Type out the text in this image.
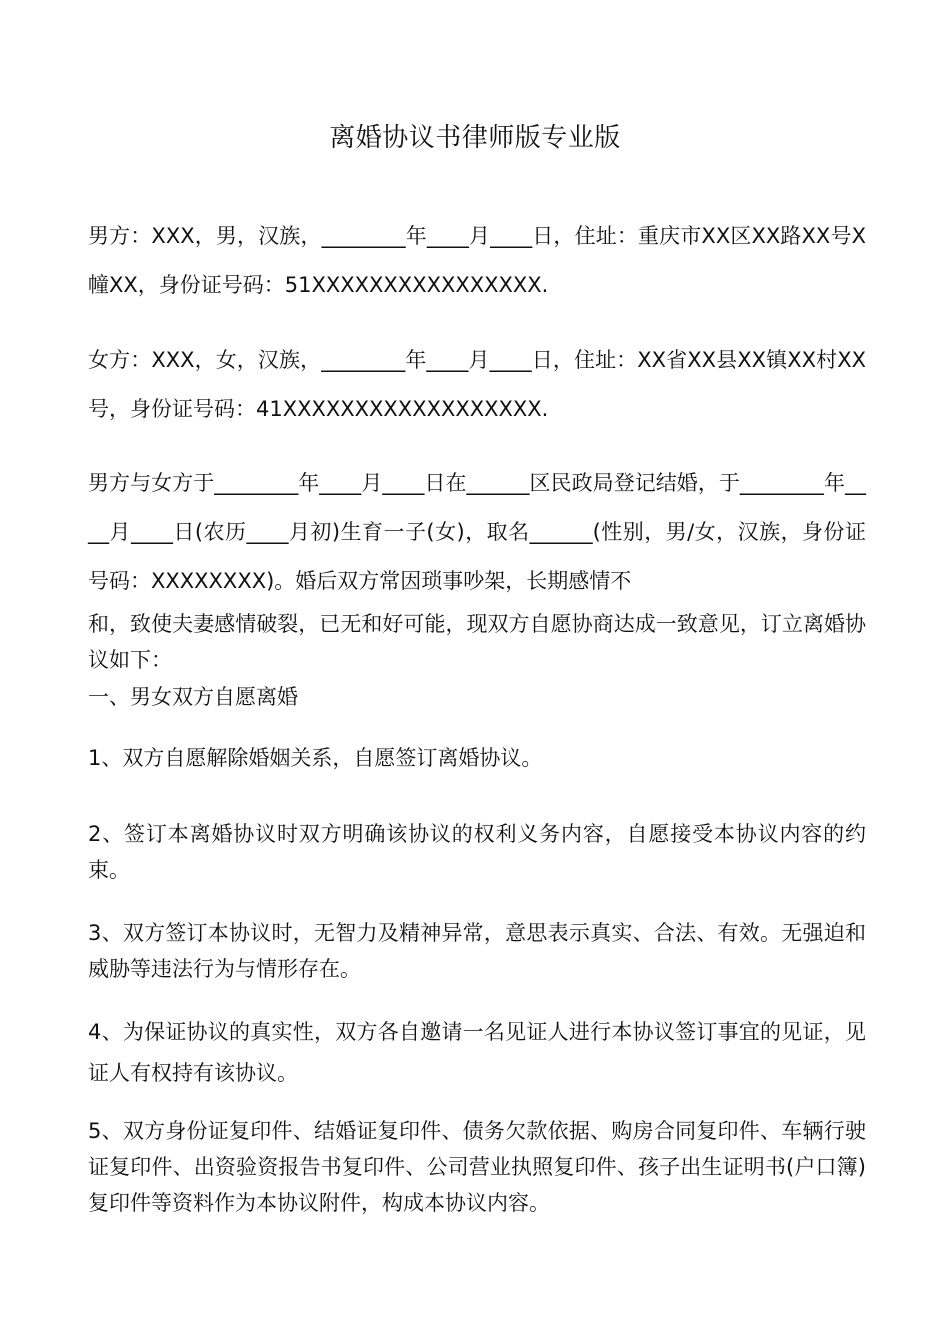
离婚协议书律师版专业版

男方：XXX，男，汉族，________年____月____日，住址：重庆市XX区XX路XX号X幢XX，身份证号码：51XXXXXXXXXXXXXXXX.

女方：XXX，女，汉族，________年____月____日，住址：XX省XX县XX镇XX村XX号，身份证号码：41XXXXXXXXXXXXXXXXXX.

男方与女方于________年____月____日在______区民政局登记结婚，于________年____月____日(农历____月初)生育一子(女)，取名______(性别，男/女，汉族，身份证号码：XXXXXXXX)。婚后双方常因琐事吵架，长期感情不

和，致使夫妻感情破裂，已无和好可能，现双方自愿协商达成一致意见，订立离婚协议如下：

一、男女双方自愿离婚

1、双方自愿解除婚姻关系，自愿签订离婚协议。

2、签订本离婚协议时双方明确该协议的权利义务内容，自愿接受本协议内容的约束。

3、双方签订本协议时，无智力及精神异常，意思表示真实、合法、有效。无强迫和威胁等违法行为与情形存在。

4、为保证协议的真实性，双方各自邀请一名见证人进行本协议签订事宜的见证，见证人有权持有该协议。

5、双方身份证复印件、结婚证复印件、债务欠款依据、购房合同复印件、车辆行驶证复印件、出资验资报告书复印件、公司营业执照复印件、孩子出生证明书(户口簿)复印件等资料作为本协议附件，构成本协议内容。
